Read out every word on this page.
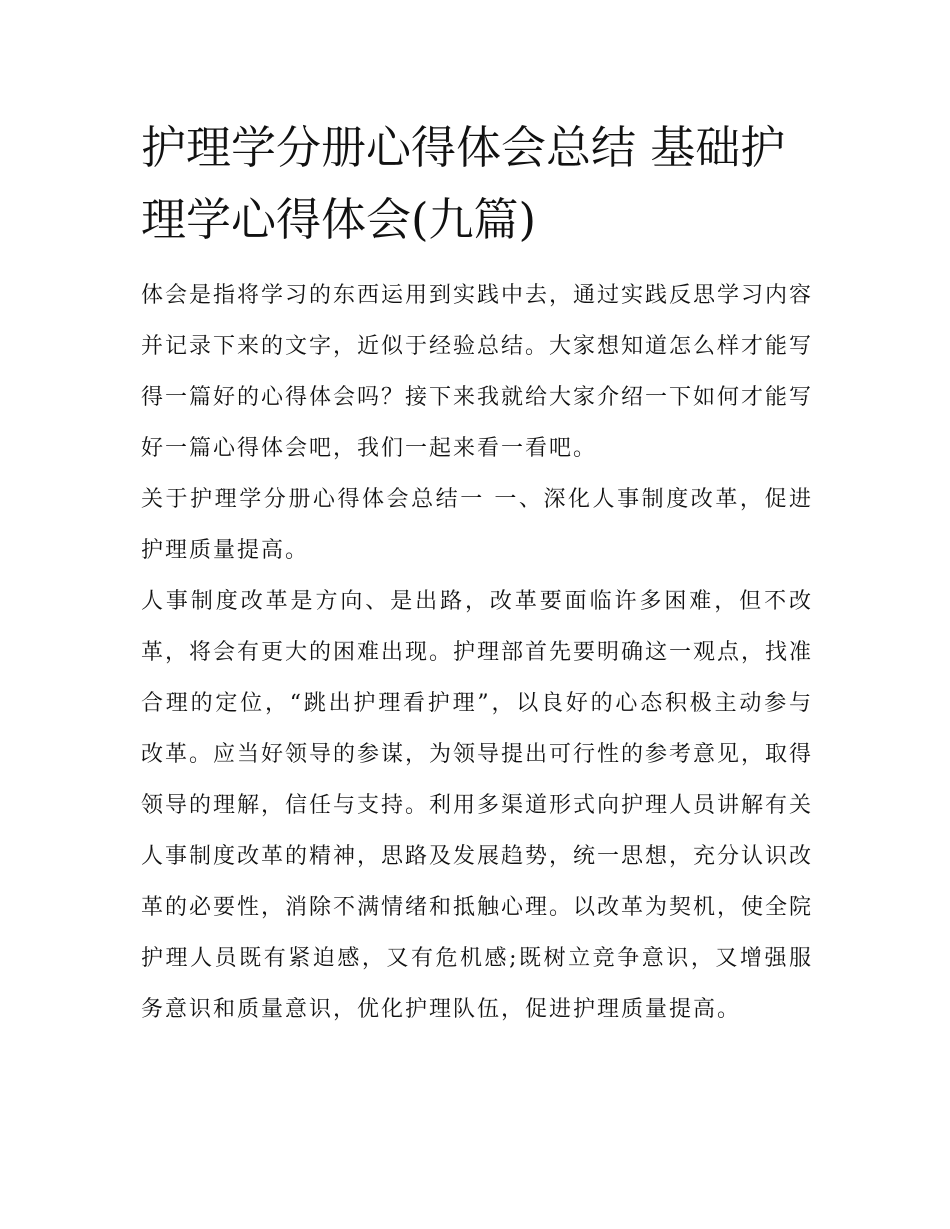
护理学分册心得体会总结 基础护理学心得体会(九篇)

体会是指将学习的东西运用到实践中去，通过实践反思学习内容并记录下来的文字，近似于经验总结。大家想知道怎么样才能写得一篇好的心得体会吗？接下来我就给大家介绍一下如何才能写好一篇心得体会吧，我们一起来看一看吧。

关于护理学分册心得体会总结一 一、深化人事制度改革，促进护理质量提高。

人事制度改革是方向、是出路，改革要面临许多困难，但不改革，将会有更大的困难出现。护理部首先要明确这一观点，找准合理的定位，“跳出护理看护理”，以良好的心态积极主动参与改革。应当好领导的参谋，为领导提出可行性的参考意见，取得领导的理解，信任与支持。利用多渠道形式向护理人员讲解有关人事制度改革的精神，思路及发展趋势，统一思想，充分认识改革的必要性，消除不满情绪和抵触心理。以改革为契机，使全院护理人员既有紧迫感，又有危机感;既树立竞争意识，又增强服务意识和质量意识，优化护理队伍，促进护理质量提高。
